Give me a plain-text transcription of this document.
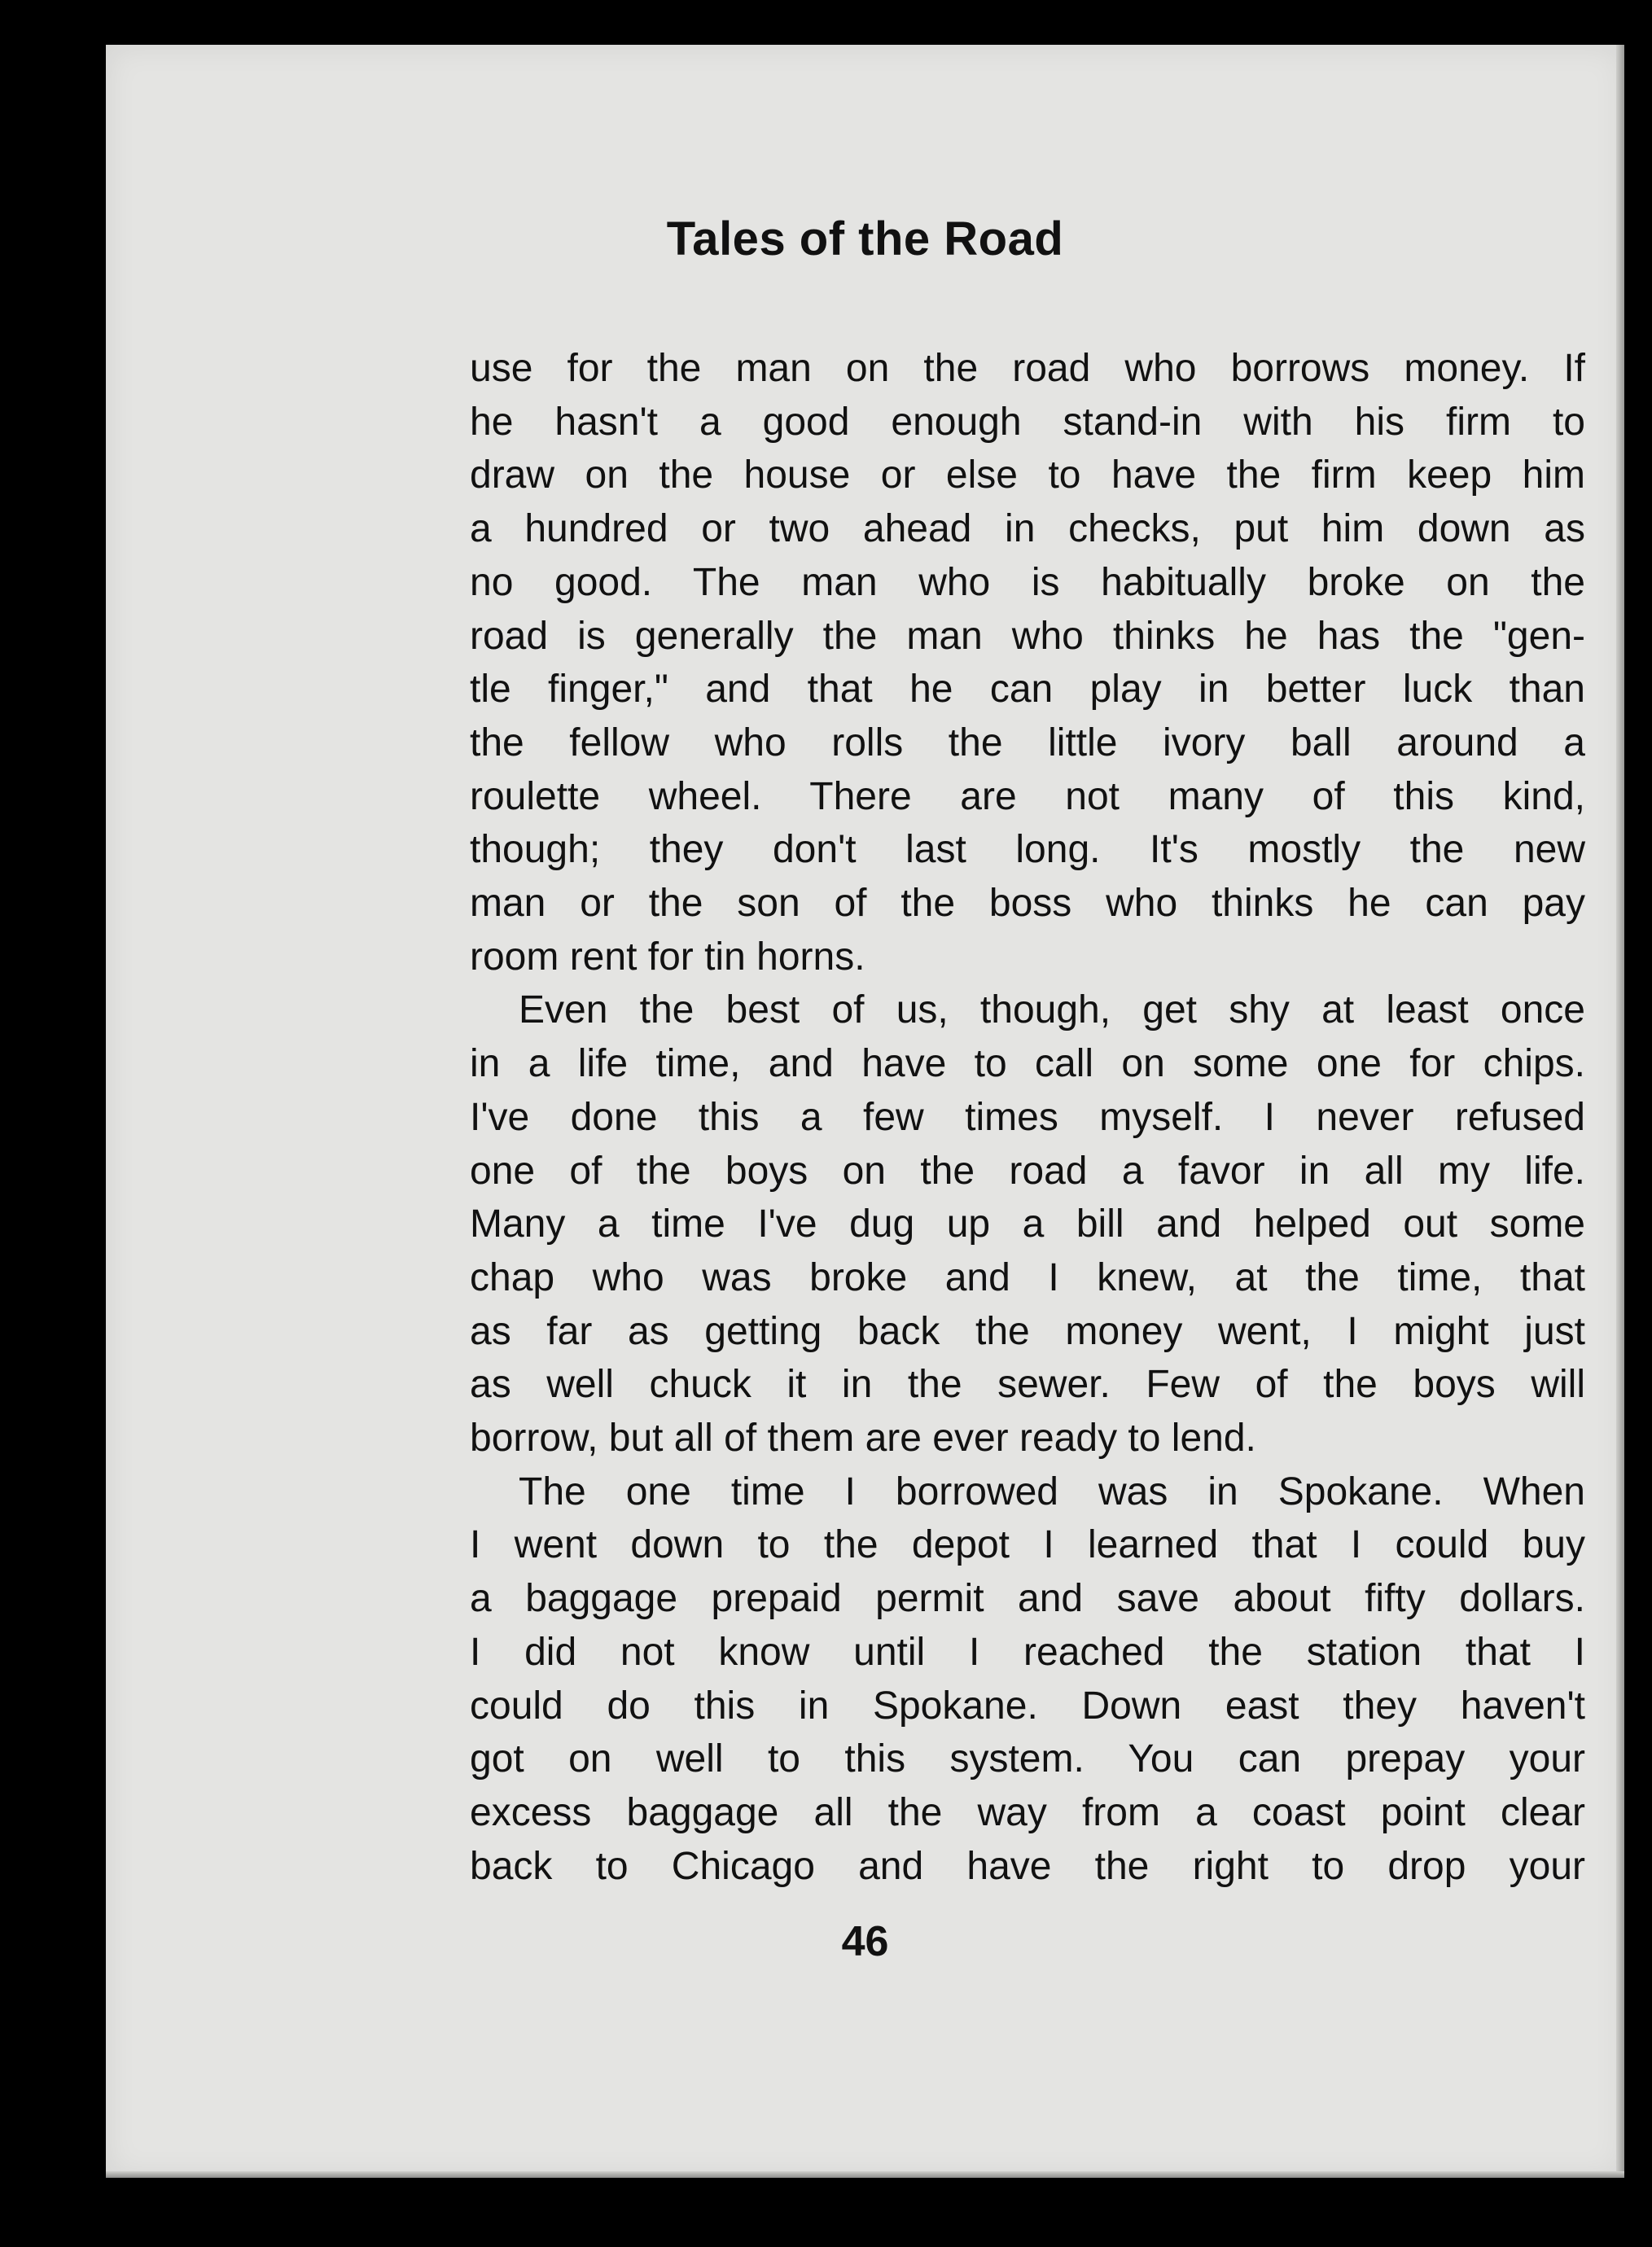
Tales of the Road
use for the man on the road who borrows money. If
he hasn't a good enough stand-in with his firm to
draw on the house or else to have the firm keep him
a hundred or two ahead in checks, put him down as
no good. The man who is habitually broke on the
road is generally the man who thinks he has the "gen-
tle finger," and that he can play in better luck than
the fellow who rolls the little ivory ball around a
roulette wheel. There are not many of this kind,
though; they don't last long. It's mostly the new
man or the son of the boss who thinks he can pay
room rent for tin horns.
Even the best of us, though, get shy at least once
in a life time, and have to call on some one for chips.
I've done this a few times myself. I never refused
one of the boys on the road a favor in all my life.
Many a time I've dug up a bill and helped out some
chap who was broke and I knew, at the time, that
as far as getting back the money went, I might just
as well chuck it in the sewer. Few of the boys will
borrow, but all of them are ever ready to lend.
The one time I borrowed was in Spokane. When
I went down to the depot I learned that I could buy
a baggage prepaid permit and save about fifty dollars.
I did not know until I reached the station that I
could do this in Spokane. Down east they haven't
got on well to this system. You can prepay your
excess baggage all the way from a coast point clear
back to Chicago and have the right to drop your
46
